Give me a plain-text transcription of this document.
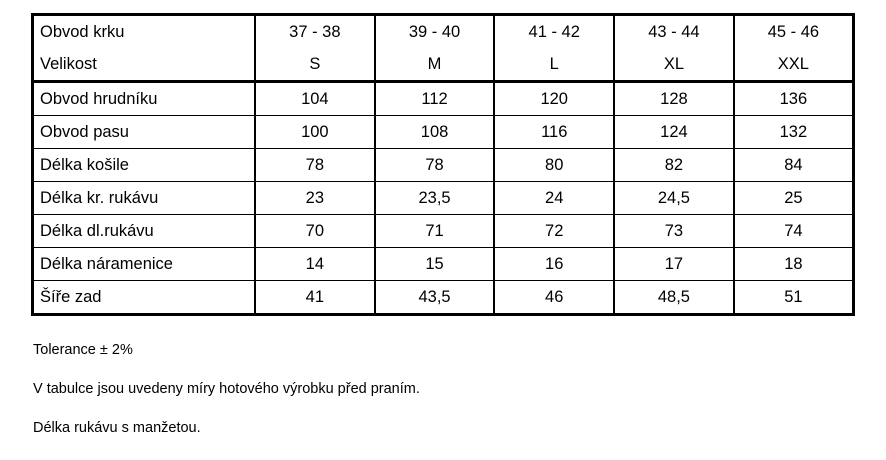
Obvod krku	37 - 38	39 - 40	41 - 42	43 - 44	45 - 46
Velikost	S	M	L	XL	XXL
Obvod hrudníku	104	112	120	128	136
Obvod pasu	100	108	116	124	132
Délka košile	78	78	80	82	84
Délka kr. rukávu	23	23,5	24	24,5	25
Délka dl.rukávu	70	71	72	73	74
Délka náramenice	14	15	16	17	18
Šíře zad	41	43,5	46	48,5	51
Tolerance ± 2%
V tabulce jsou uvedeny míry hotového výrobku před praním.
Délka rukávu s manžetou.
